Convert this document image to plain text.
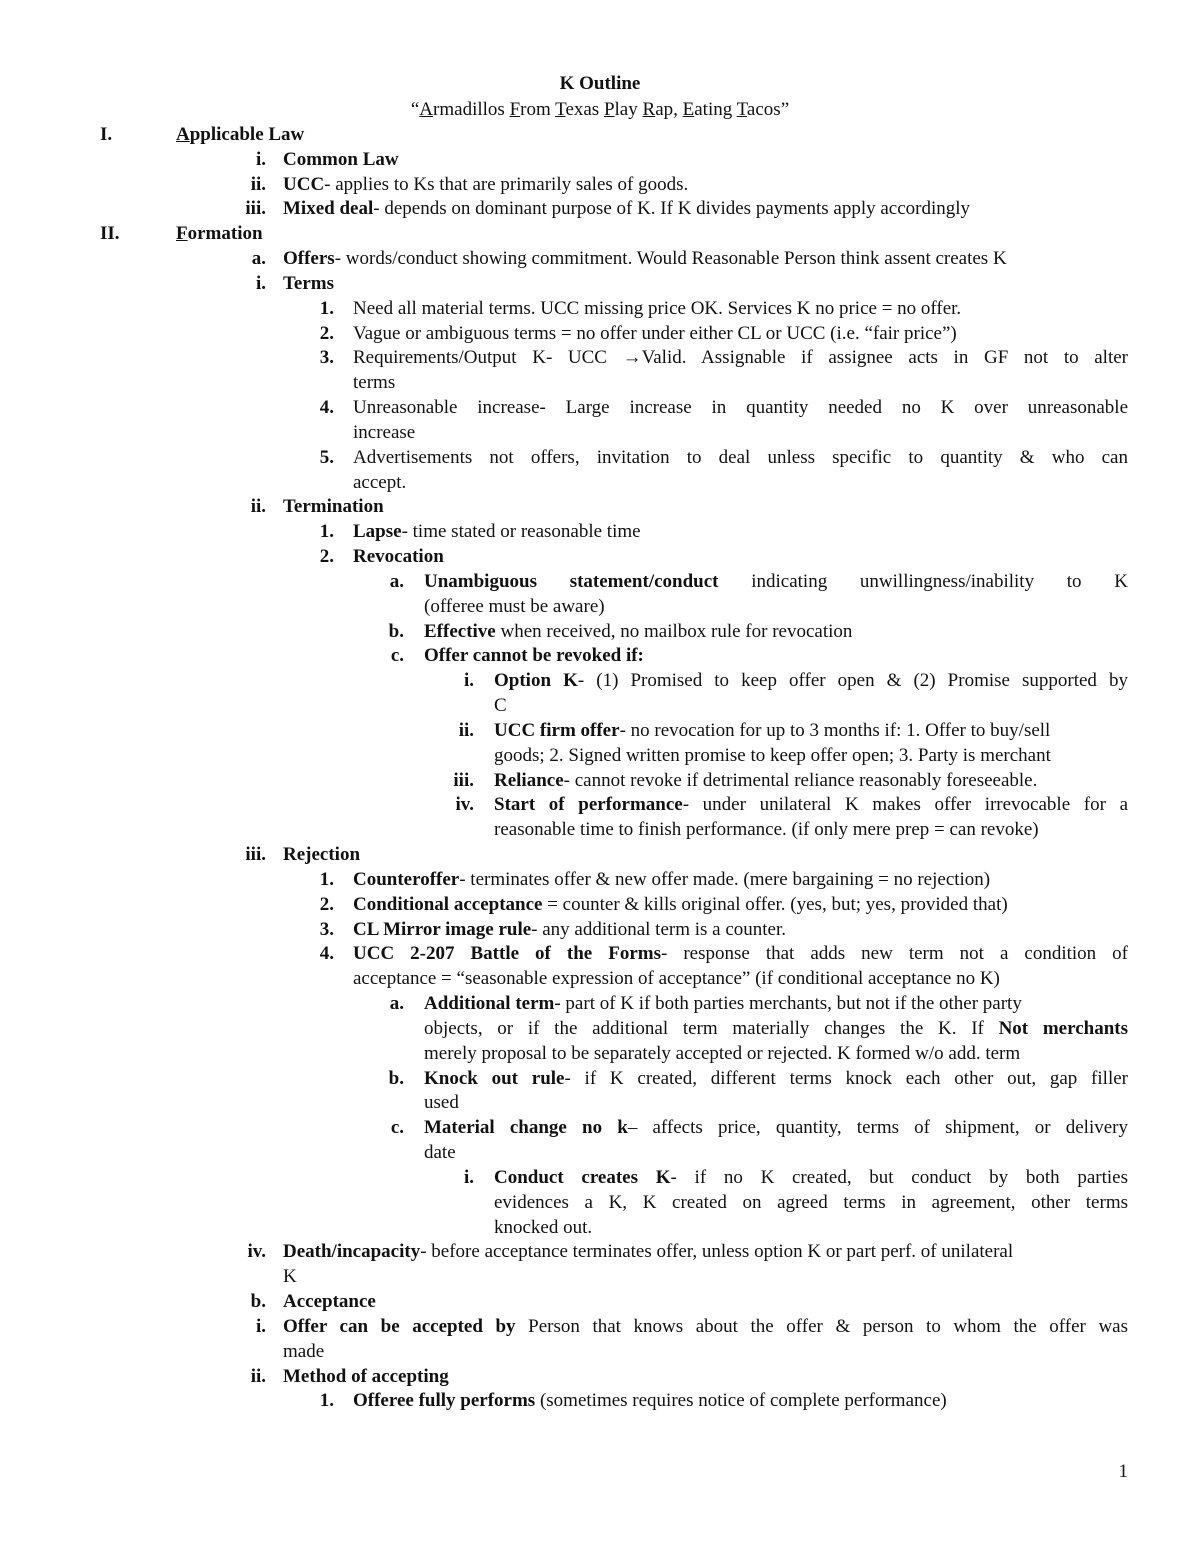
K Outline
“Armadillos From Texas Play Rap, Eating Tacos”
I.	Applicable Law
i. Common Law
ii. UCC- applies to Ks that are primarily sales of goods.
iii. Mixed deal- depends on dominant purpose of K. If K divides payments apply accordingly
II.	Formation
a. Offers- words/conduct showing commitment. Would Reasonable Person think assent creates K
i. Terms
1. Need all material terms. UCC missing price OK. Services K no price = no offer.
2. Vague or ambiguous terms = no offer under either CL or UCC (i.e. “fair price”)
3. Requirements/Output K- UCC →Valid. Assignable if assignee acts in GF not to alter
terms
4. Unreasonable increase- Large increase in quantity needed no K over unreasonable
increase
5. Advertisements not offers, invitation to deal unless specific to quantity & who can
accept.
ii. Termination
1. Lapse- time stated or reasonable time
2. Revocation
a. Unambiguous statement/conduct indicating unwillingness/inability to K
(offeree must be aware)
b. Effective when received, no mailbox rule for revocation
c. Offer cannot be revoked if:
i. Option K- (1) Promised to keep offer open & (2) Promise supported by
C
ii. UCC firm offer- no revocation for up to 3 months if: 1. Offer to buy/sell
goods; 2. Signed written promise to keep offer open; 3. Party is merchant
iii. Reliance- cannot revoke if detrimental reliance reasonably foreseeable.
iv. Start of performance- under unilateral K makes offer irrevocable for a
reasonable time to finish performance. (if only mere prep = can revoke)
iii. Rejection
1. Counteroffer- terminates offer & new offer made. (mere bargaining = no rejection)
2. Conditional acceptance = counter & kills original offer. (yes, but; yes, provided that)
3. CL Mirror image rule- any additional term is a counter.
4. UCC 2-207 Battle of the Forms- response that adds new term not a condition of
acceptance = “seasonable expression of acceptance” (if conditional acceptance no K)
a. Additional term- part of K if both parties merchants, but not if the other party
objects, or if the additional term materially changes the K. If Not merchants
merely proposal to be separately accepted or rejected. K formed w/o add. term
b. Knock out rule- if K created, different terms knock each other out, gap filler
used
c. Material change no k– affects price, quantity, terms of shipment, or delivery
date
i. Conduct creates K- if no K created, but conduct by both parties
evidences a K, K created on agreed terms in agreement, other terms
knocked out.
iv. Death/incapacity- before acceptance terminates offer, unless option K or part perf. of unilateral
K
b. Acceptance
i. Offer can be accepted by Person that knows about the offer & person to whom the offer was
made
ii. Method of accepting
1. Offeree fully performs (sometimes requires notice of complete performance)
1
